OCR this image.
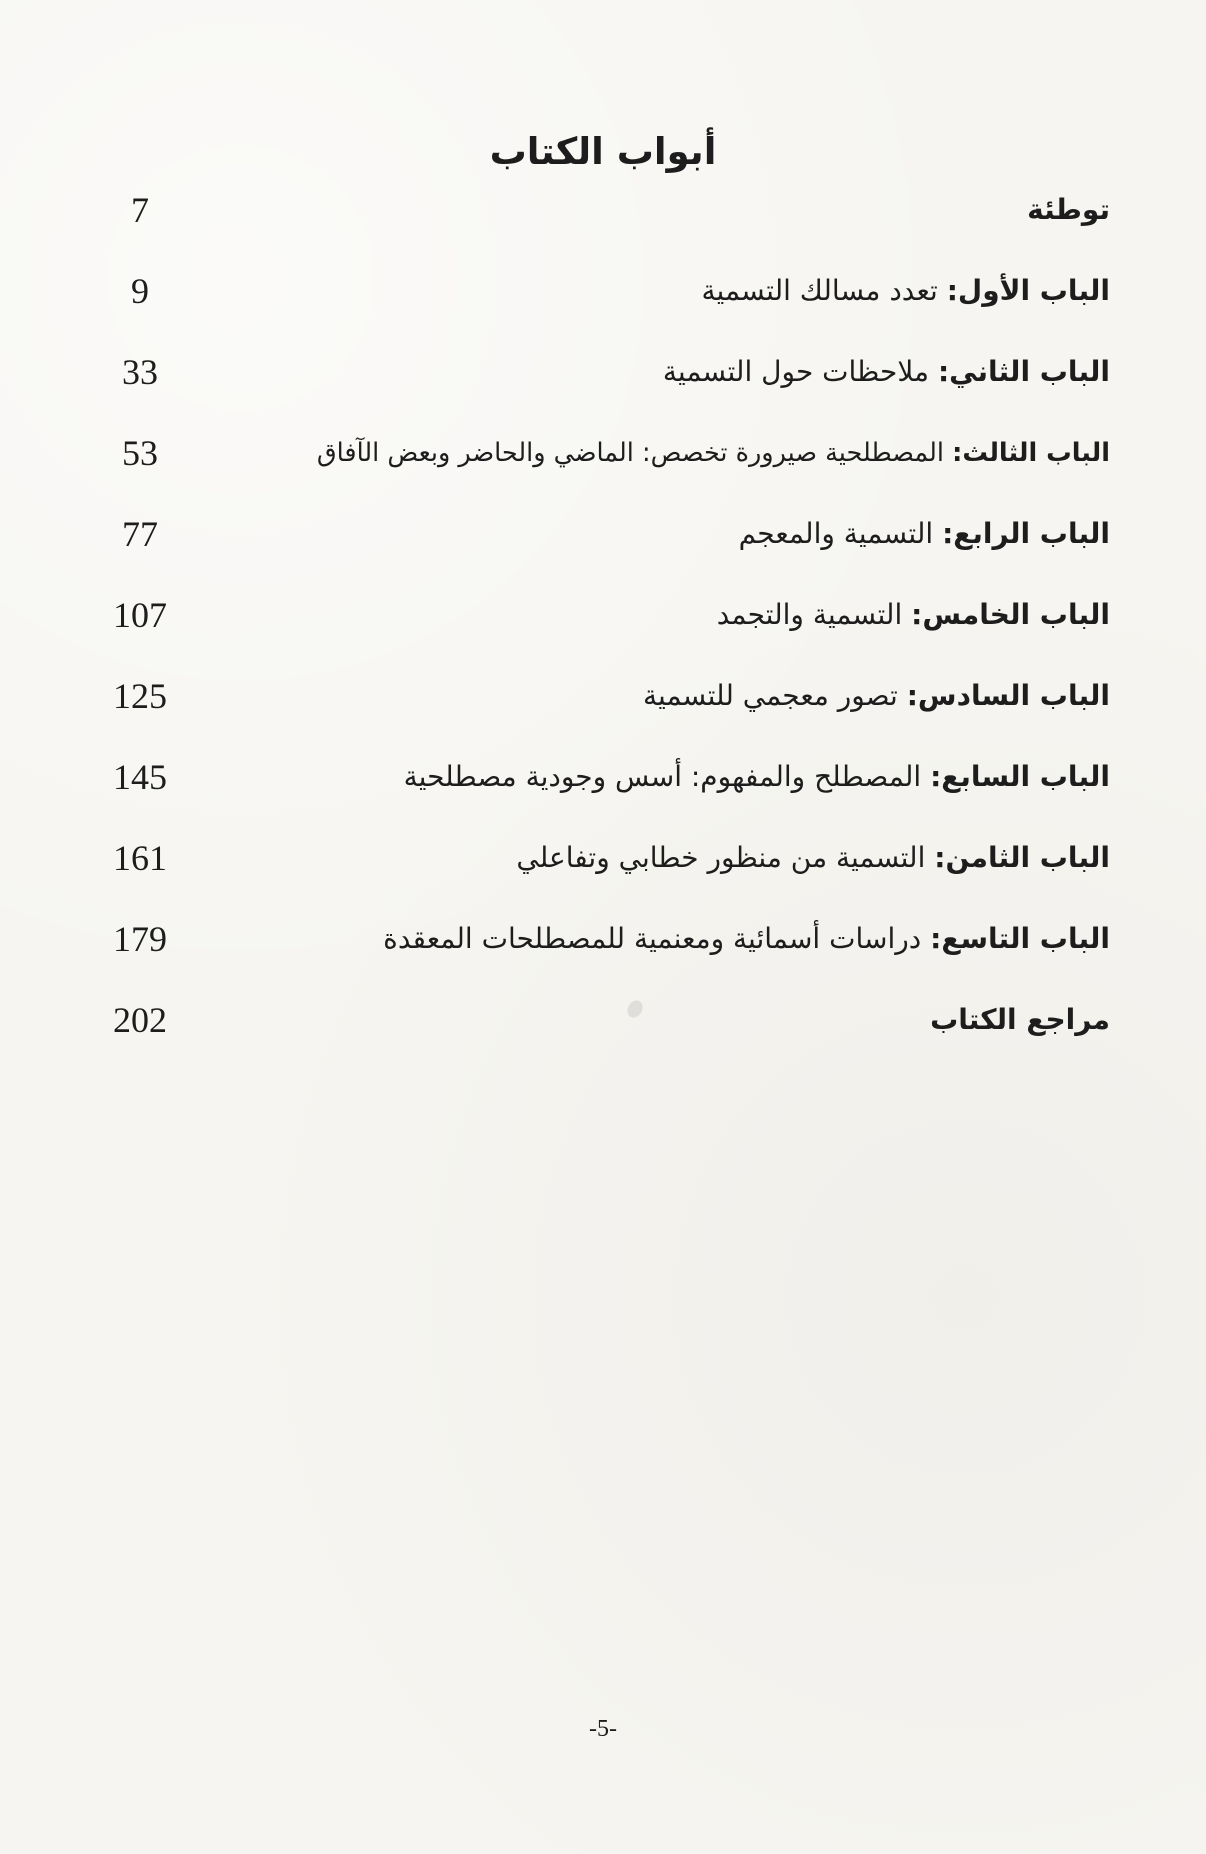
أبواب الكتاب
توطئة
7
الباب الأول: تعدد مسالك التسمية
9
الباب الثاني: ملاحظات حول التسمية
33
الباب الثالث: المصطلحية صيرورة تخصص: الماضي والحاضر وبعض الآفاق
53
الباب الرابع: التسمية والمعجم
77
الباب الخامس: التسمية والتجمد
107
الباب السادس: تصور معجمي للتسمية
125
الباب السابع: المصطلح والمفهوم: أسس وجودية مصطلحية
145
الباب الثامن: التسمية من منظور خطابي وتفاعلي
161
الباب التاسع: دراسات أسمائية ومعنمية للمصطلحات المعقدة
179
مراجع الكتاب
202
-5-
